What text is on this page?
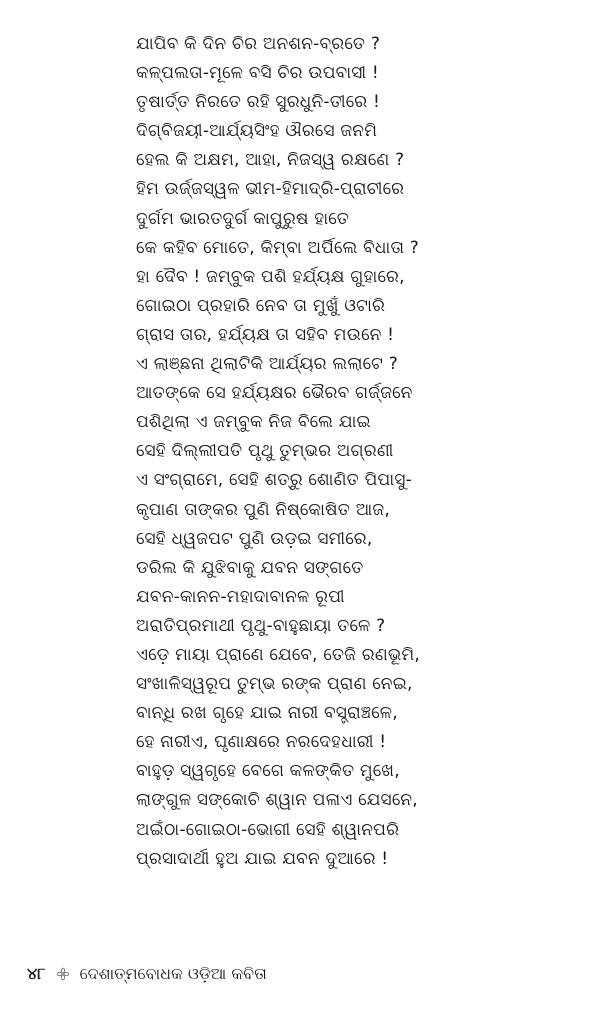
ଯାପିବ କି ଦିନ ଚିର ଅନଶନ-ବ୍ରତେ ?
କଳ୍ପଲତା-ମୂଳେ ବସି ଚିର ଉପବାସୀ !
ତୃଷାର୍ତ୍ତ ନିରତେ ରହି ସୁରଧୁନି-ତୀରେ !
ଦିଗ୍‌ବିଜୟୀ-ଆର୍ଯ୍ୟସିଂହ ଔରସେ ଜନମି
ହେଲ କି ଅକ୍ଷମ, ଆହା, ନିଜସ୍ୱ ରକ୍ଷଣେ ?
ହିମ ଉର୍ଜ୍ଜସ୍ୱଳ ଭୀମ-ହିମାଦ୍ରି-ପ୍ରାଚୀରେ
ଦୁର୍ଗମ ଭାରତଦୁର୍ଗ କାପୁରୁଷ ହାତେ
କେ କହିବ ମୋତେ, କିମ୍ବା ଅର୍ପିଲେ ବିଧାତା ?
ହା ଦୈବ ! ଜମ୍ବୁକ ପଶି ହର୍ଯ୍ୟକ୍ଷ ଗୁହାରେ,
ଗୋଇଠା ପ୍ରହାରି ନେବ ତା ମୁଖୁଁ ଓଟାରି
ଗ୍ରାସ ତାର, ହର୍ଯ୍ୟକ୍ଷ ତା ସହିବ ମଉନେ !
ଏ ଲାଞ୍ଛନା ଥିଲାଟିକି ଆର୍ଯ୍ୟର ଲଲାଟେ ?
ଆତଙ୍କେ ସେ ହର୍ଯ୍ୟକ୍ଷର ଭୈରବ ଗର୍ଜ୍ଜନେ
ପଶିଥିଲା ଏ ଜମ୍ବୁକ ନିଜ ବିଲେ ଯାଇ
ସେହି ଦିଲ୍ଲୀପତି ପୃଥୁ ତୁମ୍ଭର ଅଗ୍ରଣୀ
ଏ ସଂଗ୍ରାମେ, ସେହି ଶତ୍ରୁ ଶୋଣିତ ପିପାସୁ-
କୃପାଣ ତାଙ୍କର ପୁଣି ନିଷ୍କୋଷିତ ଆଜ,
ସେହି ଧ୍ୱଜପଟ ପୁଣି ଉଡ଼ଇ ସମୀରେ,
ଡରିଲ କି ଯୁଝିବାକୁ ଯବନ ସଙ୍ଗତେ
ଯବନ-କାନନ-ମହାଦାବାନଳ ରୂପୀ
ଅରାତିପ୍ରମାଥୀ ପୃଥୁ-ବାହୁଛାୟା ତଳେ ?
ଏଡ଼େ ମାୟା ପ୍ରାଣେ ଯେବେ, ତେଜି ରଣଭୂମି,
ସଂଖାଳିସ୍ୱରୂପ ତୁମ୍ଭ ରଙ୍କ ପ୍ରାଣ ନେଇ,
ବାନ୍ଧି ରଖ ଗୃହେ ଯାଇ ନାରୀ ବସ୍ତ୍ରାଞ୍ଚଳେ,
ହେ ନାରୀଏ, ଘୃଣାକ୍ଷରେ ନରଦେହଧାରୀ !
ବାହୁଡ଼ ସ୍ୱଗୃହେ ବେଗେ କଳଙ୍କିତ ମୁଖେ,
ଲାଙ୍ଗୁଳ ସଙ୍କୋଚି ଶ୍ୱାନ ପଳାଏ ଯେସନେ,
ଅଇଁଠା-ଗୋଇଠା-ଭୋଗୀ ସେହି ଶ୍ୱାନପରି
ପ୍ରସାଦାର୍ଥୀ ହୁଅ ଯାଇ ଯବନ ଦୁଆରେ !
୪୮ ଦେଶାତ୍ମବୋଧକ ଓଡ଼ିଆ କବିତା
